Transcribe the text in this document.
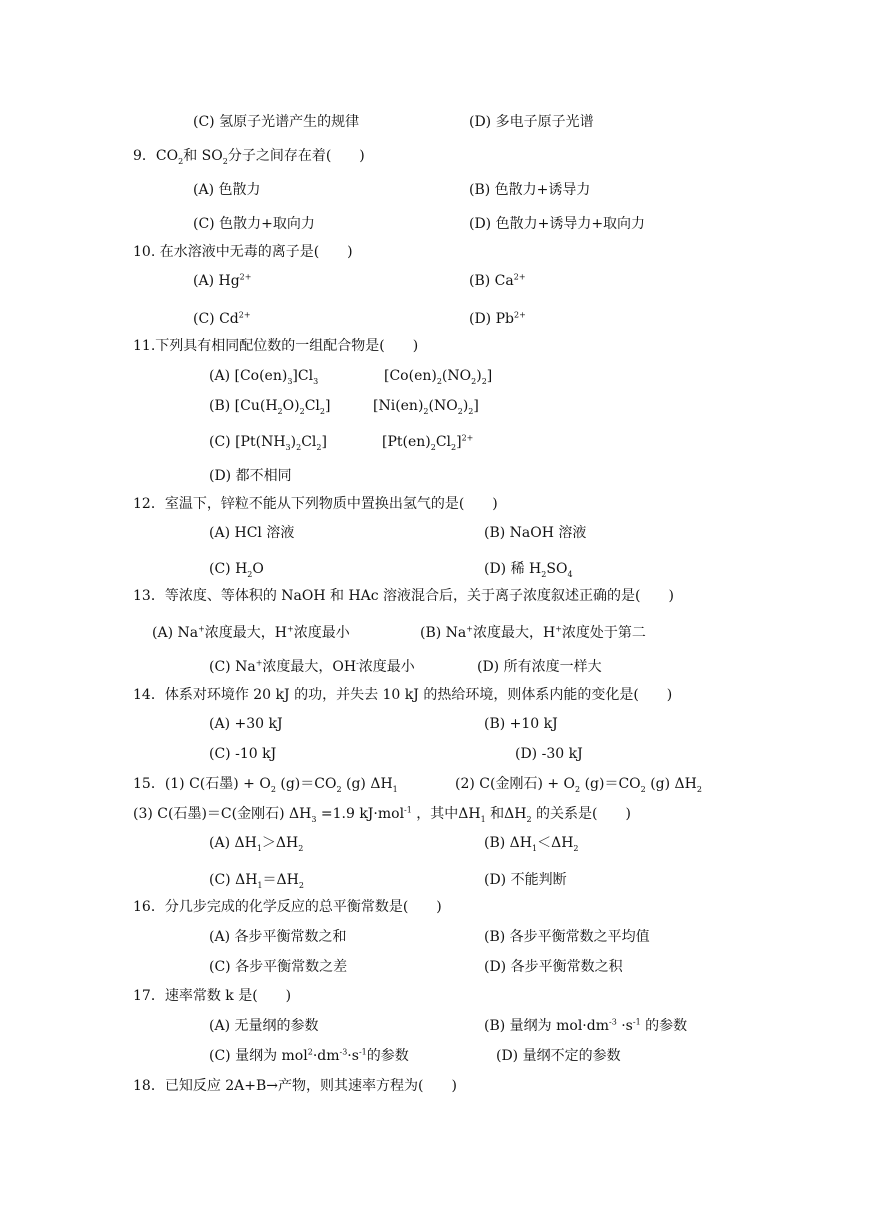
(C) 氢原子光谱产生的规律	(D) 多电子原子光谱
9．$CO_2$和 $SO_2$分子之间存在着(　　)
(A) 色散力	(B) 色散力+诱导力
(C) 色散力+取向力	(D) 色散力+诱导力+取向力
10. 在水溶液中无毒的离子是(　　)
(A) $Hg^{2+}$	(B) $Ca^{2+}$
(C) $Cd^{2+}$	(D) $Pb^{2+}$
11.下列具有相同配位数的一组配合物是(　　)
(A) $[Co(en)_3]Cl_3$	$[Co(en)_2(NO_2)_2]$
(B) $[Cu(H_2O)_2Cl_2]$	$[Ni(en)_2(NO_2)_2]$
(C) $[Pt(NH_3)_2Cl_2]$	$[Pt(en)_2Cl_2]^{2+}$
(D) 都不相同
12．室温下，锌粒不能从下列物质中置换出氢气的是(　　)
(A) HCl 溶液	(B) NaOH 溶液
(C) $H_2O$	(D) 稀 $H_2SO_4$
13．等浓度、等体积的 NaOH 和 HAc 溶液混合后，关于离子浓度叙述正确的是(　　)
(A) Na+浓度最大，H+浓度最小	(B) Na+浓度最大，H+浓度处于第二
(C) Na+浓度最大，OH-浓度最小	(D) 所有浓度一样大
14．体系对环境作 20 kJ 的功，并失去 10 kJ 的热给环境，则体系内能的变化是(　　)
(A) +30 kJ	(B) +10 kJ
(C) -10 kJ	(D) -30 kJ
15．(1) C(石墨) + $O_2$ $(g)=CO_2$ (g) $\Delta H_1$	(2) C(金刚石) + $O_2$ $(g)=CO_2$ (g) $\Delta H_2$
(3) C(石墨)＝C(金刚石) $\Delta H_3 =1.9$ kJ·mol$^{-1}$ ，其中$\Delta H_1$ 和$\Delta H_2$ 的关系是(　　)
(A) $\Delta H_1>\Delta H_2$	(B) $\Delta H_1<\Delta H_2$
(C) $\Delta H_1=\Delta H_2$	(D) 不能判断
16．分几步完成的化学反应的总平衡常数是(　　)
(A) 各步平衡常数之和	(B) 各步平衡常数之平均值
(C) 各步平衡常数之差	(D) 各步平衡常数之积
17．速率常数 k 是(　　)
(A) 无量纲的参数	(B) 量纲为 $mol\cdot dm^{-3} \cdot s^{-1}$ 的参数
(C) 量纲为 $mol^2\cdot dm^{-3}\cdot s^{-1}$的参数	(D) 量纲不定的参数
18．已知反应 2A+B→产物，则其速率方程为(　　)
